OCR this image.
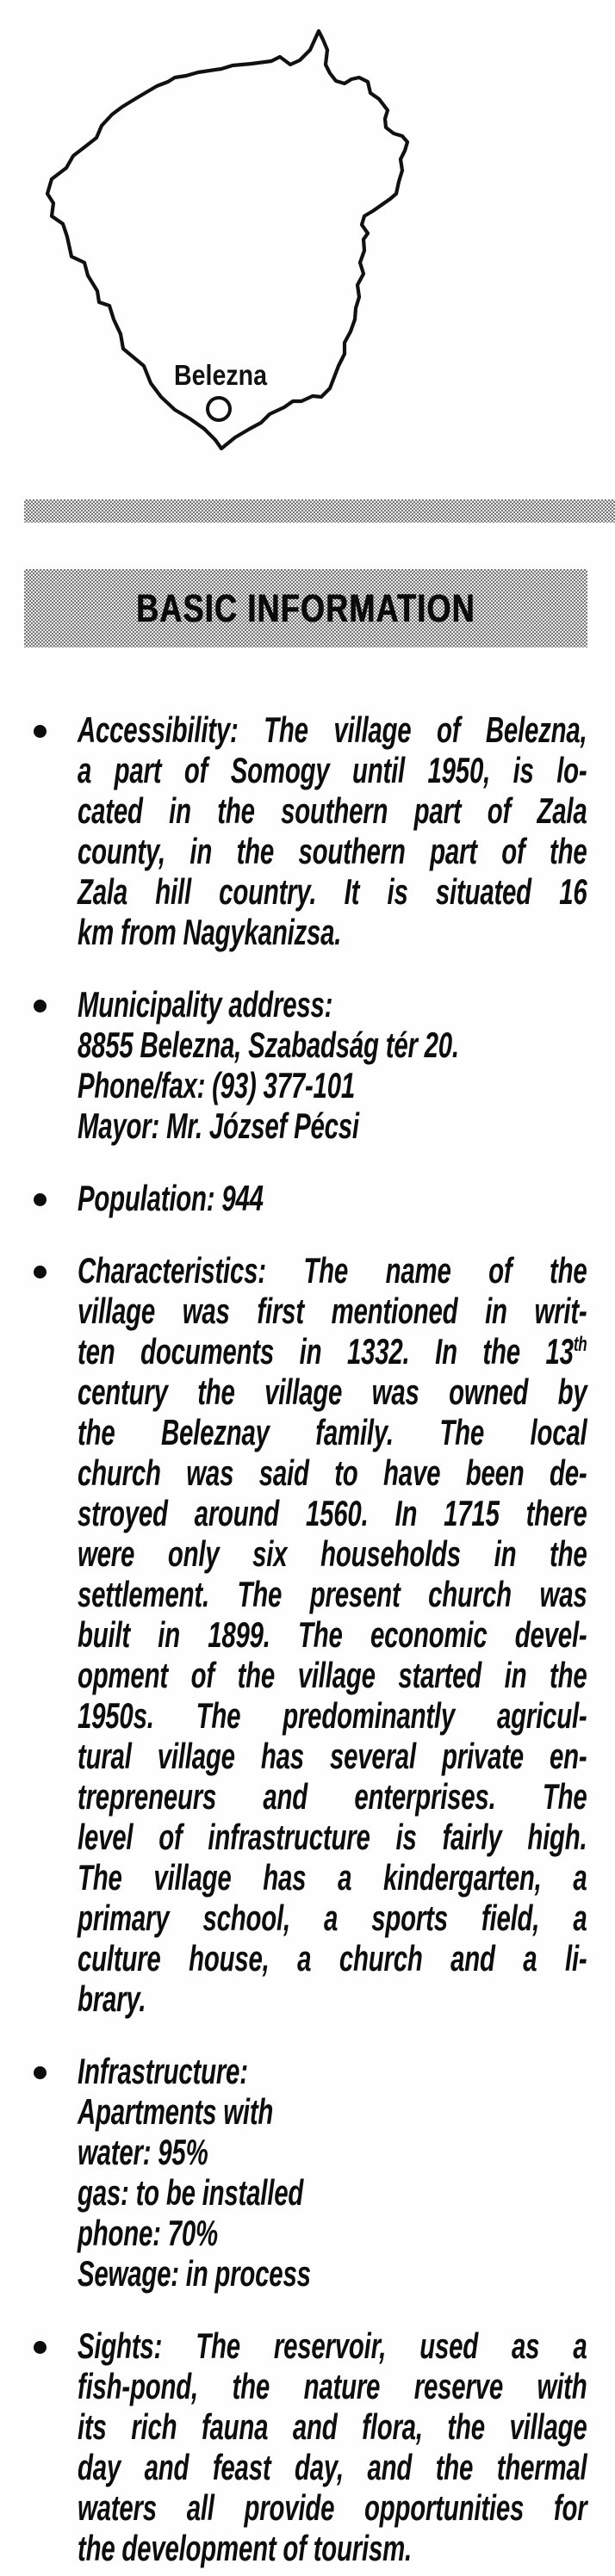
Belezna
BASIC INFORMATION
Accessibility: The village of Belezna,
a part of Somogy until 1950, is lo-
cated in the southern part of Zala
county, in the southern part of the
Zala hill country. It is situated 16
km from Nagykanizsa.
Municipality address:
8855 Belezna, Szabadság tér 20.
Phone/fax: (93) 377-101
Mayor: Mr. József Pécsi
Population: 944
Characteristics: The name of the
village was first mentioned in writ-
ten documents in 1332. In the 13th
century the village was owned by
the Beleznay family. The local
church was said to have been de-
stroyed around 1560. In 1715 there
were only six households in the
settlement. The present church was
built in 1899. The economic devel-
opment of the village started in the
1950s. The predominantly agricul-
tural village has several private en-
trepreneurs and enterprises. The
level of infrastructure is fairly high.
The village has a kindergarten, a
primary school, a sports field, a
culture house, a church and a li-
brary.
Infrastructure:
Apartments with
water: 95%
gas: to be installed
phone: 70%
Sewage: in process
Sights: The reservoir, used as a
fish-pond, the nature reserve with
its rich fauna and flora, the village
day and feast day, and the thermal
waters all provide opportunities for
the development of tourism.
